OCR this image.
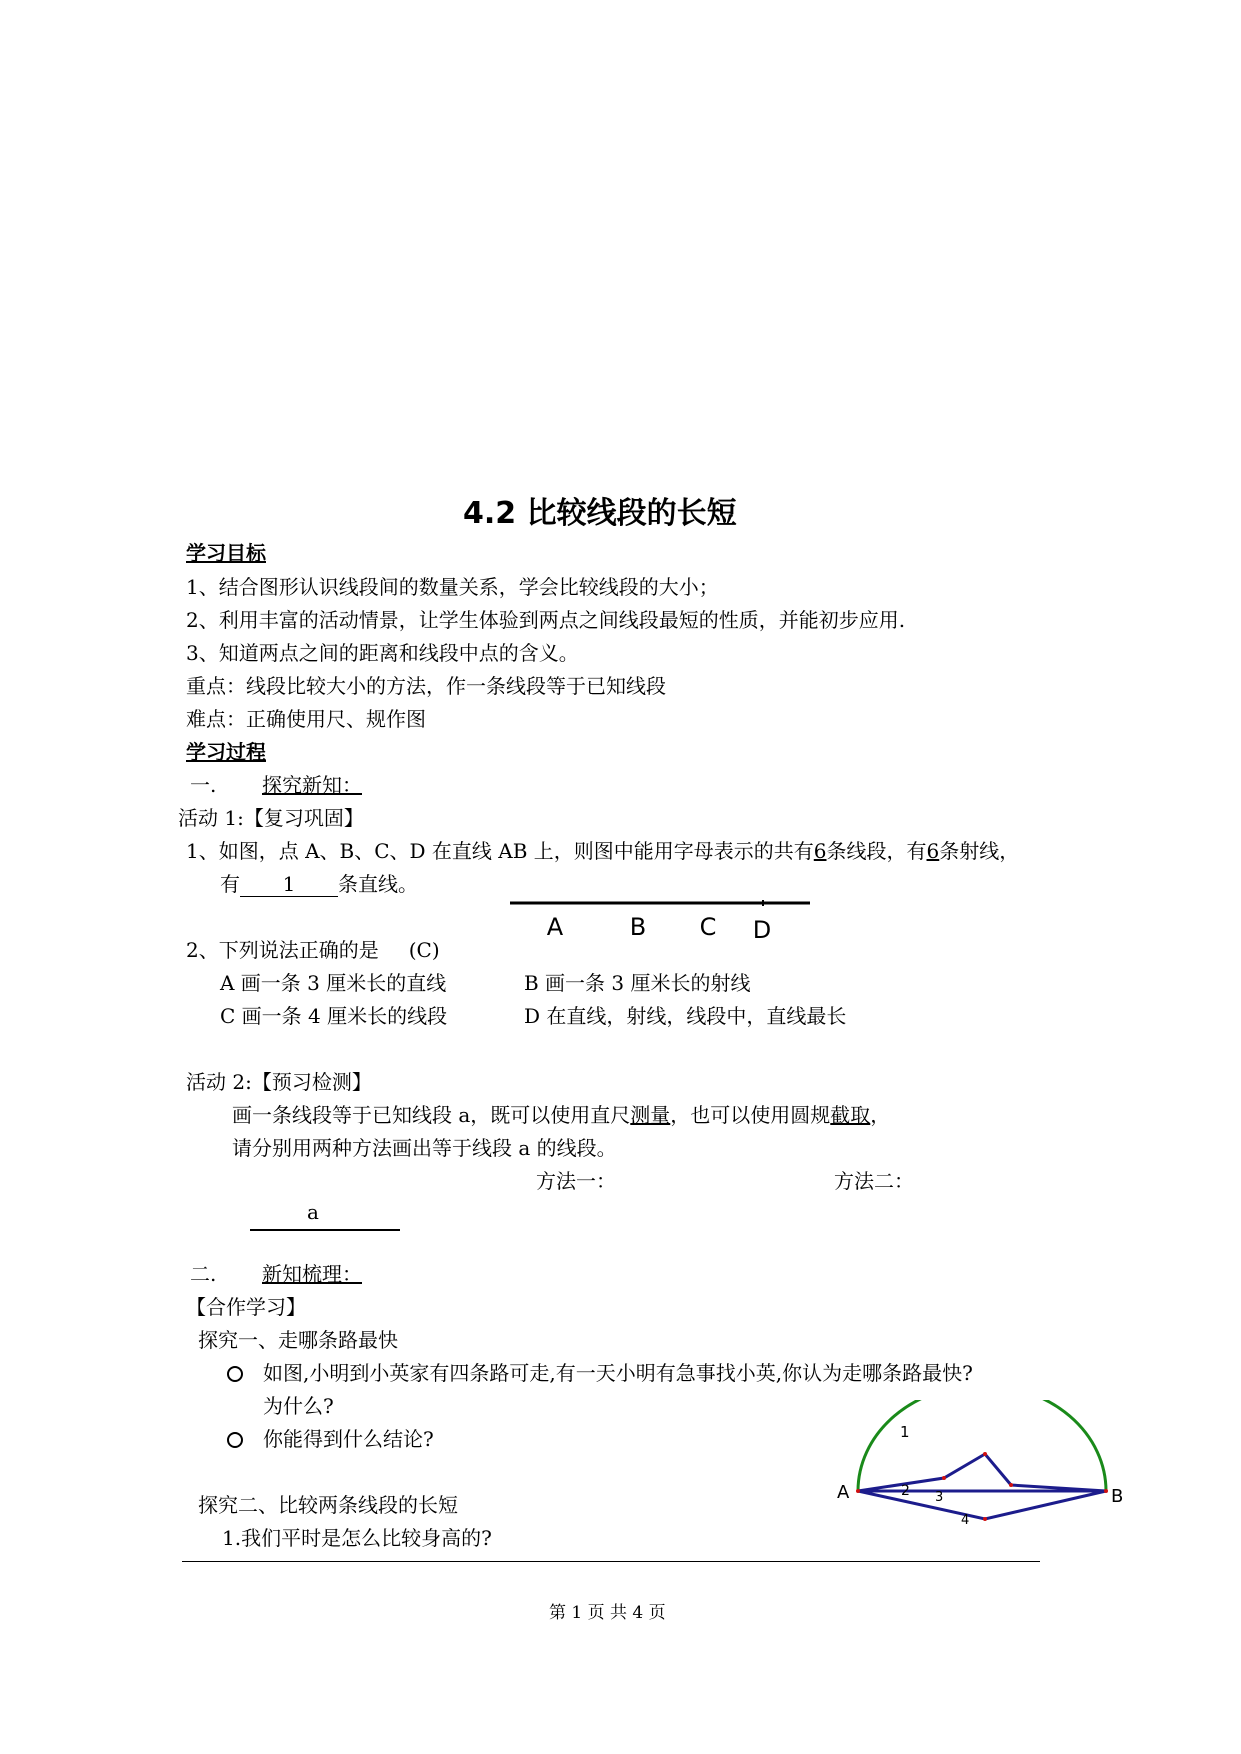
4.2 比较线段的长短
学习目标
1、结合图形认识线段间的数量关系，学会比较线段的大小；
2、利用丰富的活动情景，让学生体验到两点之间线段最短的性质，并能初步应用.
3、知道两点之间的距离和线段中点的含义。
重点：线段比较大小的方法，作一条线段等于已知线段
难点：正确使用尺、规作图
学习过程
一. 探究新知：
活动 1:【复习巩固】
1、如图，点 A、B、C、D 在直线 AB 上，则图中能用字母表示的共有6条线段，有6条射线，
有 1 条直线。
A	B C D
2、下列说法正确的是 (C)
A 画一条 3 厘米长的直线	B 画一条 3 厘米长的射线
C 画一条 4 厘米长的线段	D 在直线，射线，线段中，直线最长
活动 2:【预习检测】
画一条线段等于已知线段 a，既可以使用直尺测量，也可以使用圆规截取，
请分别用两种方法画出等于线段 a 的线段。
方法一：	方法二：
a
二. 新知梳理：
【合作学习】
探究一、走哪条路最快
如图,小明到小英家有四条路可走,有一天小明有急事找小英,你认为走哪条路最快?
为什么?
你能得到什么结论?
探究二、比较两条线段的长短
1.我们平时是怎么比较身高的?
A	B
1
2 3
4
第 1 页 共 4 页
